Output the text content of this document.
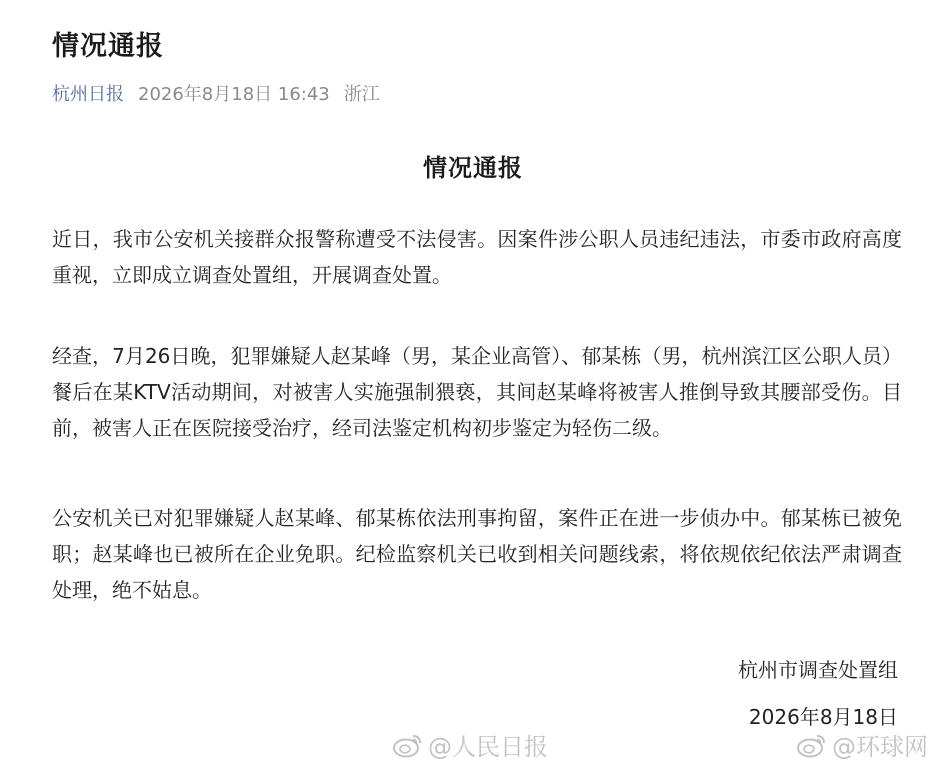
情况通报
杭州日报 2026年8月18日 16:43 浙江
情况通报

近日，我市公安机关接群众报警称遭受不法侵害。因案件涉公职人员违纪违法，市委市政府高度重视，立即成立调查处置组，开展调查处置。

经查，7月26日晚，犯罪嫌疑人赵某峰（男，某企业高管）、郁某栋（男，杭州滨江区公职人员）餐后在某KTV活动期间，对被害人实施强制猥亵，其间赵某峰将被害人推倒导致其腰部受伤。目前，被害人正在医院接受治疗，经司法鉴定机构初步鉴定为轻伤二级。

公安机关已对犯罪嫌疑人赵某峰、郁某栋依法刑事拘留，案件正在进一步侦办中。郁某栋已被免职；赵某峰也已被所在企业免职。纪检监察机关已收到相关问题线索，将依规依纪依法严肃调查处理，绝不姑息。

杭州市调查处置组
2026年8月18日
@人民日报	@环球网
